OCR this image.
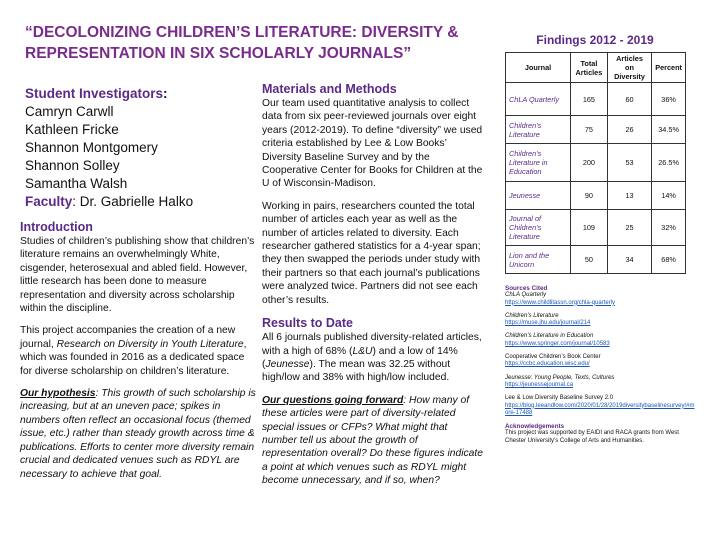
“DECOLONIZING CHILDREN’S LITERATURE: DIVERSITY & REPRESENTATION IN SIX SCHOLARLY JOURNALS”
Student Investigators:
Camryn Carwll
Kathleen Fricke
Shannon Montgomery
Shannon Solley
Samantha Walsh
Faculty: Dr. Gabrielle Halko
Introduction

Studies of children’s publishing show that children’s literature remains an overwhelmingly White, cisgender, heterosexual and abled field. However, little research has been done to measure representation and diversity across scholarship within the discipline.

This project accompanies the creation of a new journal, Research on Diversity in Youth Literature, which was founded in 2016 as a dedicated space for diverse scholarship on children’s literature.

Our hypothesis: This growth of such scholarship is increasing, but at an uneven pace; spikes in numbers often reflect an occasional focus (themed issue, etc.) rather than steady growth across time & publications. Efforts to center more diversity remain crucial and dedicated venues such as RDYL are necessary to achieve that goal.

Materials and Methods

Our team used quantitative analysis to collect data from six peer-reviewed journals over eight years (2012-2019). To define “diversity” we used criteria established by Lee & Low Books’ Diversity Baseline Survey and by the Cooperative Center for Books for Children at the U of Wisconsin-Madison.

Working in pairs, researchers counted the total number of articles each year as well as the number of articles related to diversity. Each researcher gathered statistics for a 4-year span; they then swapped the periods under study with their partners so that each journal’s publications were analyzed twice. Partners did not see each other’s results.

Results to Date

All 6 journals published diversity-related articles, with a high of 68% (L&U) and a low of 14% (Jeunesse). The mean was 32.25 without high/low and 38% with high/low included.

Our questions going forward: How many of these articles were part of diversity-related special issues or CFPs? What might that number tell us about the growth of representation overall? Do these figures indicate a point at which venues such as RDYL might become unnecessary, and if so, when?

Findings 2012 - 2019
Journal	Total Articles	Articles on Diversity	Percent
ChLA Quarterly	165	60	36%
Children’s Literature	75	26	34.5%
Children’s Literature in Education	200	53	26.5%
Jeunesse	90	13	14%
Journal of Children’s Literature	109	25	32%
Lion and the Unicorn	50	34	68%
Sources Cited
ChLA Quarterly
https://www.childlitassn.org/chla-quarterly
Children’s Literature
https://muse.jhu.edu/journal/214
Children’s Literature in Education
https://www.springer.com/journal/10583
Cooperative Children’s Book Center
https://ccbc.education.wisc.edu/
Jeunesse: Young People, Texts, Cultures
https://jeunessejournal.ca
Lee & Low Diversity Baseline Survey 2.0
https://blog.leeandlow.com/2020/01/28/2019diversitybaselinesurvey/#more-17488
Acknowledgements
This project was supported by EAIDI and RACA grants from West Chester University’s College of Arts and Humanities.
